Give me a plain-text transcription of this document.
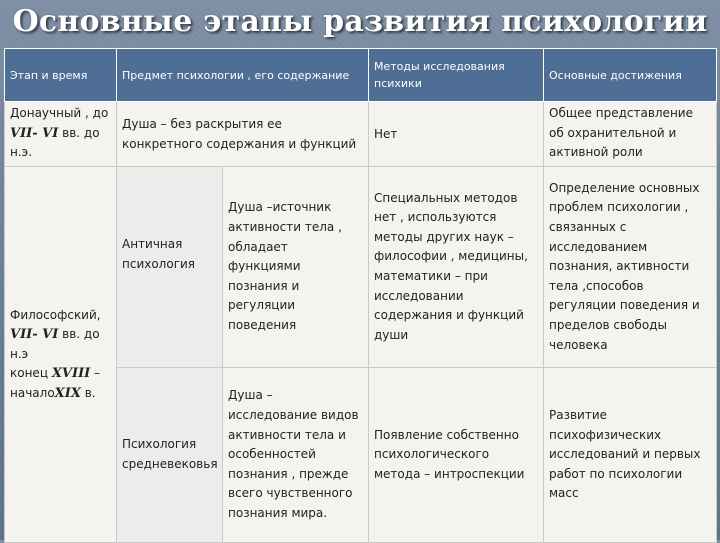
Основные этапы развития психологии
Этап и время	Предмет психологии , его содержание		Методы исследования психики	Основные достижения
Донаучный , до
VII- VI вв. до н.э.	Душа – без раскрытия ее конкретного содержания и функций		Нет	Общее представление об охранительной и активной роли
Философский,
VII- VI вв. до н.э
конец XVIII –
началоXIX в.	Античная психология	Душа –источник активности тела , обладает функциями познания и регуляции поведения	Специальных методов нет , используются методы других наук – философии , медицины, математики – при исследовании содержания и функций души	Определение основных проблем психологии , связанных с исследованием познания, активности тела ,способов регуляции поведения и пределов свободы человека
	Психология средневековья	Душа – исследование видов активности тела и особенностей познания , прежде всего чувственного познания мира.	Появление собственно психологического метода – интроспекции	Развитие психофизических исследований и первых работ по психологии масс
